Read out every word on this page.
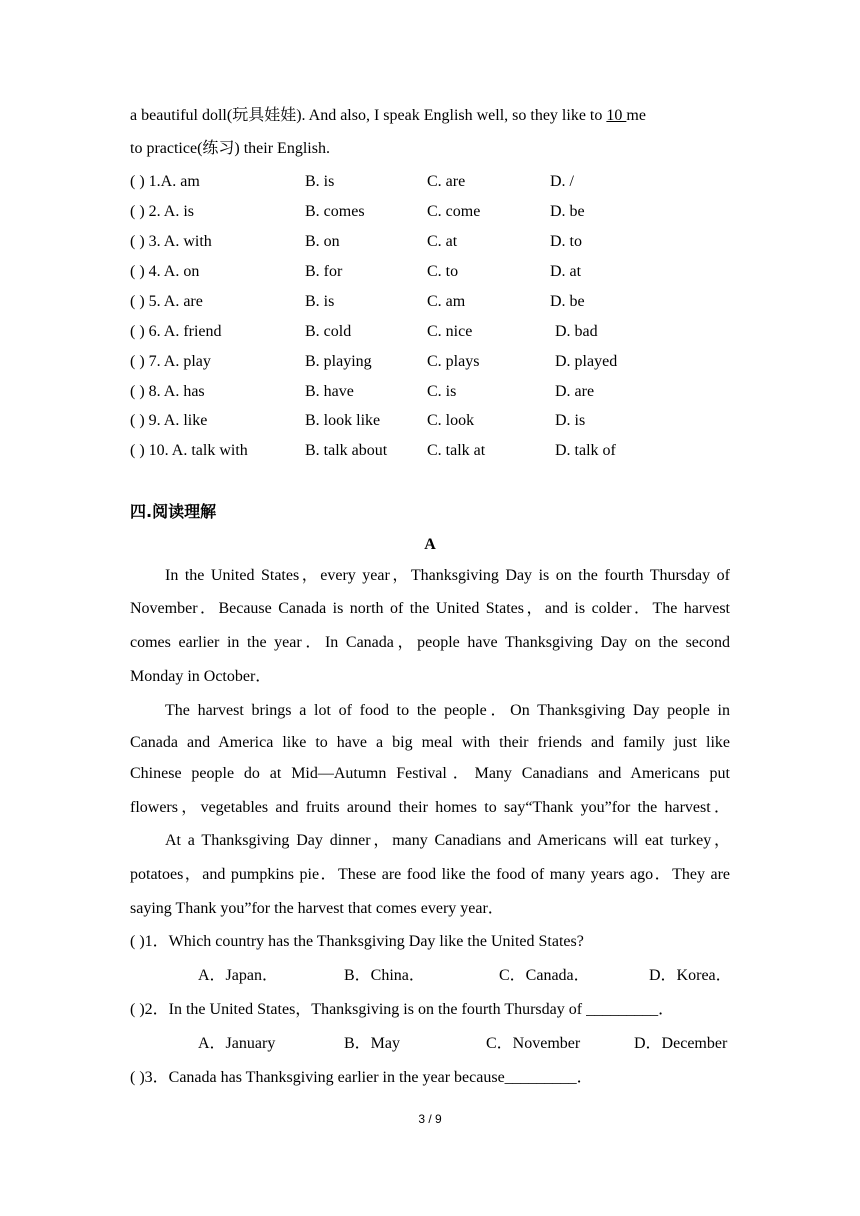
a beautiful doll(玩具娃娃). And also, I speak English well, so they like to 10 me
to practice(练习) their English.
( ) 1.A. am	B. is	C. are	D. /
( ) 2. A. is	B. comes	C. come	D. be
( ) 3. A. with	B. on	C. at	D. to
( ) 4. A. on	B. for	C. to	D. at
( ) 5. A. are	B. is	C. am	D. be
( ) 6. A. friend	B. cold	C. nice	D. bad
( ) 7. A. play	B. playing	C. plays	D. played
( ) 8. A. has	B. have	C. is	D. are
( ) 9. A. like	B. look like	C. look	D. is
( ) 10. A. talk with	B. talk about C. talk at	D. talk of
四.阅读理解
A
In the United States，every year，Thanksgiving Day is on the fourth Thursday of
November．Because Canada is north of the United States，and is colder．The harvest
comes earlier in the year．In Canada，people have Thanksgiving Day on the second
Monday in October．
The harvest brings a lot of food to the people．On Thanksgiving Day people in
Canada and America like to have a big meal with their friends and family just like
Chinese people do at Mid—Autumn Festival．Many Canadians and Americans put
flowers，vegetables and fruits around their homes to say“Thank you”for the harvest．
At a Thanksgiving Day dinner，many Canadians and Americans will eat turkey，
potatoes，and pumpkins pie．These are food like the food of many years ago．They are
saying Thank you”for the harvest that comes every year．
( )1．Which country has the Thanksgiving Day like the United States?
A．Japan．	B．China．	C．Canada．	D．Korea．
( )2．In the United States，Thanksgiving is on the fourth Thursday of _________．
A．January	B．May	C．November	D．December
( )3．Canada has Thanksgiving earlier in the year because_________．
3 / 9
